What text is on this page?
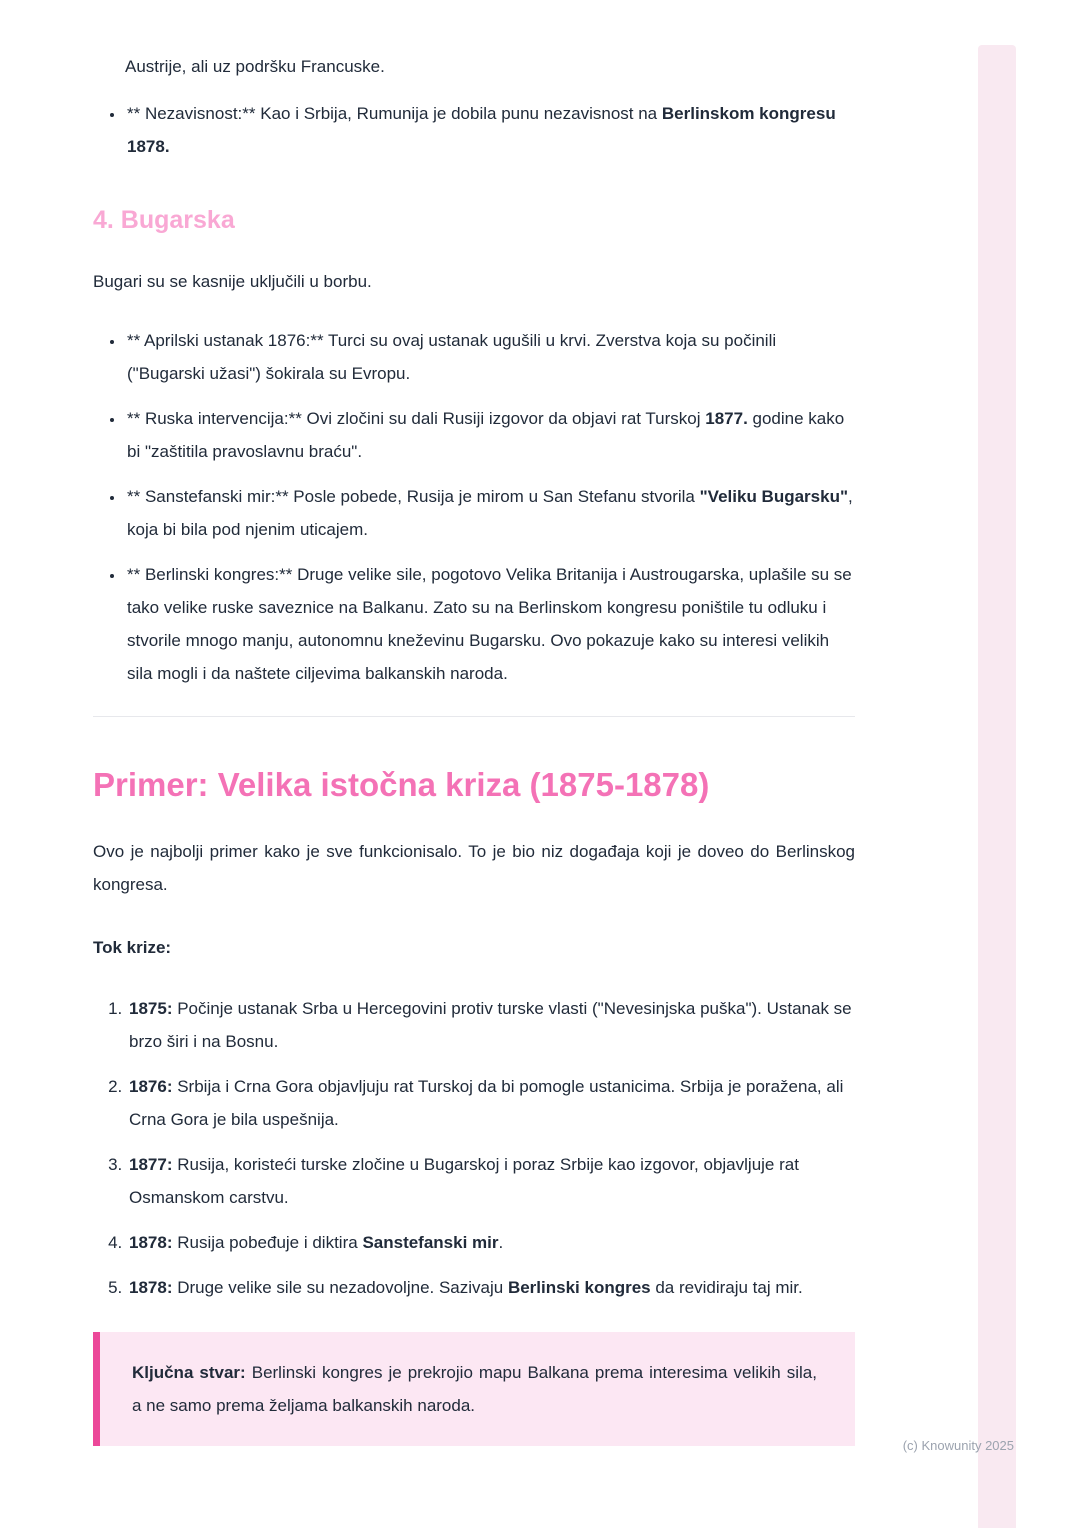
Austrije, ali uz podršku Francuske.
• ** Nezavisnost:** Kao i Srbija, Rumunija je dobila punu nezavisnost na Berlinskom kongresu 1878.
4. Bugarska

Bugari su se kasnije uključili u borbu.

• ** Aprilski ustanak 1876:** Turci su ovaj ustanak ugušili u krvi. Zverstva koja su počinili ("Bugarski užasi") šokirala su Evropu.
• ** Ruska intervencija:** Ovi zločini su dali Rusiji izgovor da objavi rat Turskoj 1877. godine kako bi "zaštitila pravoslavnu braću".
• ** Sanstefanski mir:** Posle pobede, Rusija je mirom u San Stefanu stvorila "Veliku Bugarsku", koja bi bila pod njenim uticajem.
• ** Berlinski kongres:** Druge velike sile, pogotovo Velika Britanija i Austrougarska, uplašile su se tako velike ruske saveznice na Balkanu. Zato su na Berlinskom kongresu poništile tu odluku i stvorile mnogo manju, autonomnu kneževinu Bugarsku. Ovo pokazuje kako su interesi velikih sila mogli i da naštete ciljevima balkanskih naroda.
Primer: Velika istočna kriza (1875-1878)

Ovo je najbolji primer kako je sve funkcionisalo. To je bio niz događaja koji je doveo do Berlinskog kongresa.

Tok krize:

1. 1875: Počinje ustanak Srba u Hercegovini protiv turske vlasti ("Nevesinjska puška"). Ustanak se brzo širi i na Bosnu.
2. 1876: Srbija i Crna Gora objavljuju rat Turskoj da bi pomogle ustanicima. Srbija je poražena, ali Crna Gora je bila uspešnija.
3. 1877: Rusija, koristeći turske zločine u Bugarskoj i poraz Srbije kao izgovor, objavljuje rat Osmanskom carstvu.
4. 1878: Rusija pobeđuje i diktira Sanstefanski mir.
5. 1878: Druge velike sile su nezadovoljne. Sazivaju Berlinski kongres da revidiraju taj mir.

Ključna stvar: Berlinski kongres je prekrojio mapu Balkana prema interesima velikih sila, a ne samo prema željama balkanskih naroda.

(c) Knowunity 2025
